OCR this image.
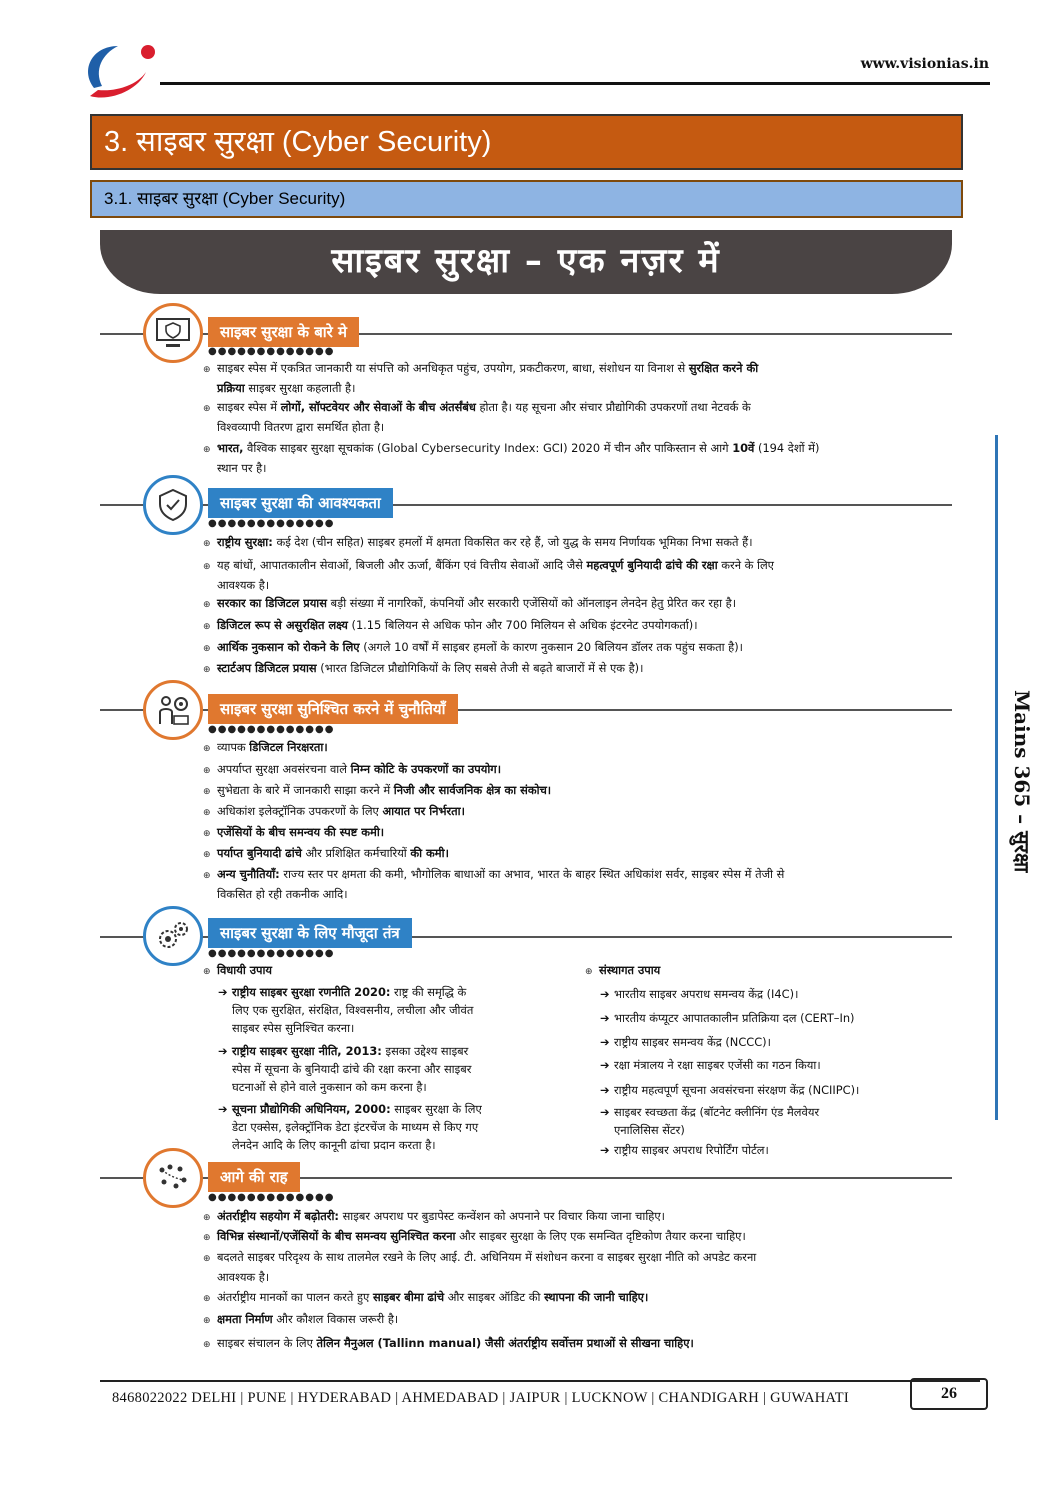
www.visionias.in
3. साइबर सुरक्षा (Cyber Security)
3.1. साइबर सुरक्षा (Cyber Security)
साइबर सुरक्षा – एक नज़र में
Mains 365 – सुरक्षा
साइबर सुरक्षा के बारे मे
●●●●●●●●●●●●●
⊕ साइबर स्पेस में एकत्रित जानकारी या संपत्ति को अनधिकृत पहुंच, उपयोग, प्रकटीकरण, बाधा, संशोधन या विनाश से सुरक्षित करने की
प्रक्रिया साइबर सुरक्षा कहलाती है।
⊕ साइबर स्पेस में लोगों, सॉफ्टवेयर और सेवाओं के बीच अंतर्संबंध होता है। यह सूचना और संचार प्रौद्योगिकी उपकरणों तथा नेटवर्क के
विश्वव्यापी वितरण द्वारा समर्थित होता है।
⊕ भारत, वैश्विक साइबर सुरक्षा सूचकांक (Global Cybersecurity Index: GCI) 2020 में चीन और पाकिस्तान से आगे 10वें (194 देशों में)
स्थान पर है।
साइबर सुरक्षा की आवश्यकता
●●●●●●●●●●●●●
⊕ राष्ट्रीय सुरक्षा: कई देश (चीन सहित) साइबर हमलों में क्षमता विकसित कर रहे हैं, जो युद्ध के समय निर्णायक भूमिका निभा सकते हैं।
⊕ यह बांधों, आपातकालीन सेवाओं, बिजली और ऊर्जा, बैंकिंग एवं वित्तीय सेवाओं आदि जैसे महत्वपूर्ण बुनियादी ढांचे की रक्षा करने के लिए
आवश्यक है।
⊕ सरकार का डिजिटल प्रयास बड़ी संख्या में नागरिकों, कंपनियों और सरकारी एजेंसियों को ऑनलाइन लेनदेन हेतु प्रेरित कर रहा है।
⊕ डिजिटल रूप से असुरक्षित लक्ष्य (1.15 बिलियन से अधिक फोन और 700 मिलियन से अधिक इंटरनेट उपयोगकर्ता)।
⊕ आर्थिक नुकसान को रोकने के लिए (अगले 10 वर्षों में साइबर हमलों के कारण नुकसान 20 बिलियन डॉलर तक पहुंच सकता है)।
⊕ स्टार्टअप डिजिटल प्रयास (भारत डिजिटल प्रौद्योगिकियों के लिए सबसे तेजी से बढ़ते बाजारों में से एक है)।
साइबर सुरक्षा सुनिश्चित करने में चुनौतियाँ
●●●●●●●●●●●●●
⊕ व्यापक डिजिटल निरक्षरता।
⊕ अपर्याप्त सुरक्षा अवसंरचना वाले निम्न कोटि के उपकरणों का उपयोग।
⊕ सुभेद्यता के बारे में जानकारी साझा करने में निजी और सार्वजनिक क्षेत्र का संकोच।
⊕ अधिकांश इलेक्ट्रॉनिक उपकरणों के लिए आयात पर निर्भरता।
⊕ एजेंसियों के बीच समन्वय की स्पष्ट कमी।
⊕ पर्याप्त बुनियादी ढांचे और प्रशिक्षित कर्मचारियों की कमी।
⊕ अन्य चुनौतियाँ: राज्य स्तर पर क्षमता की कमी, भौगोलिक बाधाओं का अभाव, भारत के बाहर स्थित अधिकांश सर्वर, साइबर स्पेस में तेजी से
विकसित हो रही तकनीक आदि।
साइबर सुरक्षा के लिए मौजूदा तंत्र
●●●●●●●●●●●●●
⊕ विधायी उपाय
➔ राष्ट्रीय साइबर सुरक्षा रणनीति 2020: राष्ट्र की समृद्धि के
लिए एक सुरक्षित, संरक्षित, विश्वसनीय, लचीला और जीवंत
साइबर स्पेस सुनिश्चित करना।
➔ राष्ट्रीय साइबर सुरक्षा नीति, 2013: इसका उद्देश्य साइबर
स्पेस में सूचना के बुनियादी ढांचे की रक्षा करना और साइबर
घटनाओं से होने वाले नुकसान को कम करना है।
➔ सूचना प्रौद्योगिकी अधिनियम, 2000: साइबर सुरक्षा के लिए
डेटा एक्सेस, इलेक्ट्रॉनिक डेटा इंटरचेंज के माध्यम से किए गए
लेनदेन आदि के लिए कानूनी ढांचा प्रदान करता है।
⊕ संस्थागत उपाय
➔ भारतीय साइबर अपराध समन्वय केंद्र (I4C)।
➔ भारतीय कंप्यूटर आपातकालीन प्रतिक्रिया दल (CERT–In)
➔ राष्ट्रीय साइबर समन्वय केंद्र (NCCC)।
➔ रक्षा मंत्रालय ने रक्षा साइबर एजेंसी का गठन किया।
➔ राष्ट्रीय महत्वपूर्ण सूचना अवसंरचना संरक्षण केंद्र (NCIIPC)।
➔ साइबर स्वच्छता केंद्र (बॉटनेट क्लीनिंग एंड मैलवेयर
एनालिसिस सेंटर)
➔ राष्ट्रीय साइबर अपराध रिपोर्टिंग पोर्टल।
आगे की राह
●●●●●●●●●●●●●
⊕ अंतर्राष्ट्रीय सहयोग में बढ़ोतरी: साइबर अपराध पर बुडापेस्ट कन्वेंशन को अपनाने पर विचार किया जाना चाहिए।
⊕ विभिन्न संस्थानों/एजेंसियों के बीच समन्वय सुनिश्चित करना और साइबर सुरक्षा के लिए एक समन्वित दृष्टिकोण तैयार करना चाहिए।
⊕ बदलते साइबर परिदृश्य के साथ तालमेल रखने के लिए आई. टी. अधिनियम में संशोधन करना व साइबर सुरक्षा नीति को अपडेट करना
आवश्यक है।
⊕ अंतर्राष्ट्रीय मानकों का पालन करते हुए साइबर बीमा ढांचे और साइबर ऑडिट की स्थापना की जानी चाहिए।
⊕ क्षमता निर्माण और कौशल विकास जरूरी है।
⊕ साइबर संचालन के लिए तेलिन मैनुअल (Tallinn manual) जैसी अंतर्राष्ट्रीय सर्वोत्तम प्रथाओं से सीखना चाहिए।
8468022022 DELHI | PUNE | HYDERABAD | AHMEDABAD | JAIPUR | LUCKNOW | CHANDIGARH | GUWAHATI	26
